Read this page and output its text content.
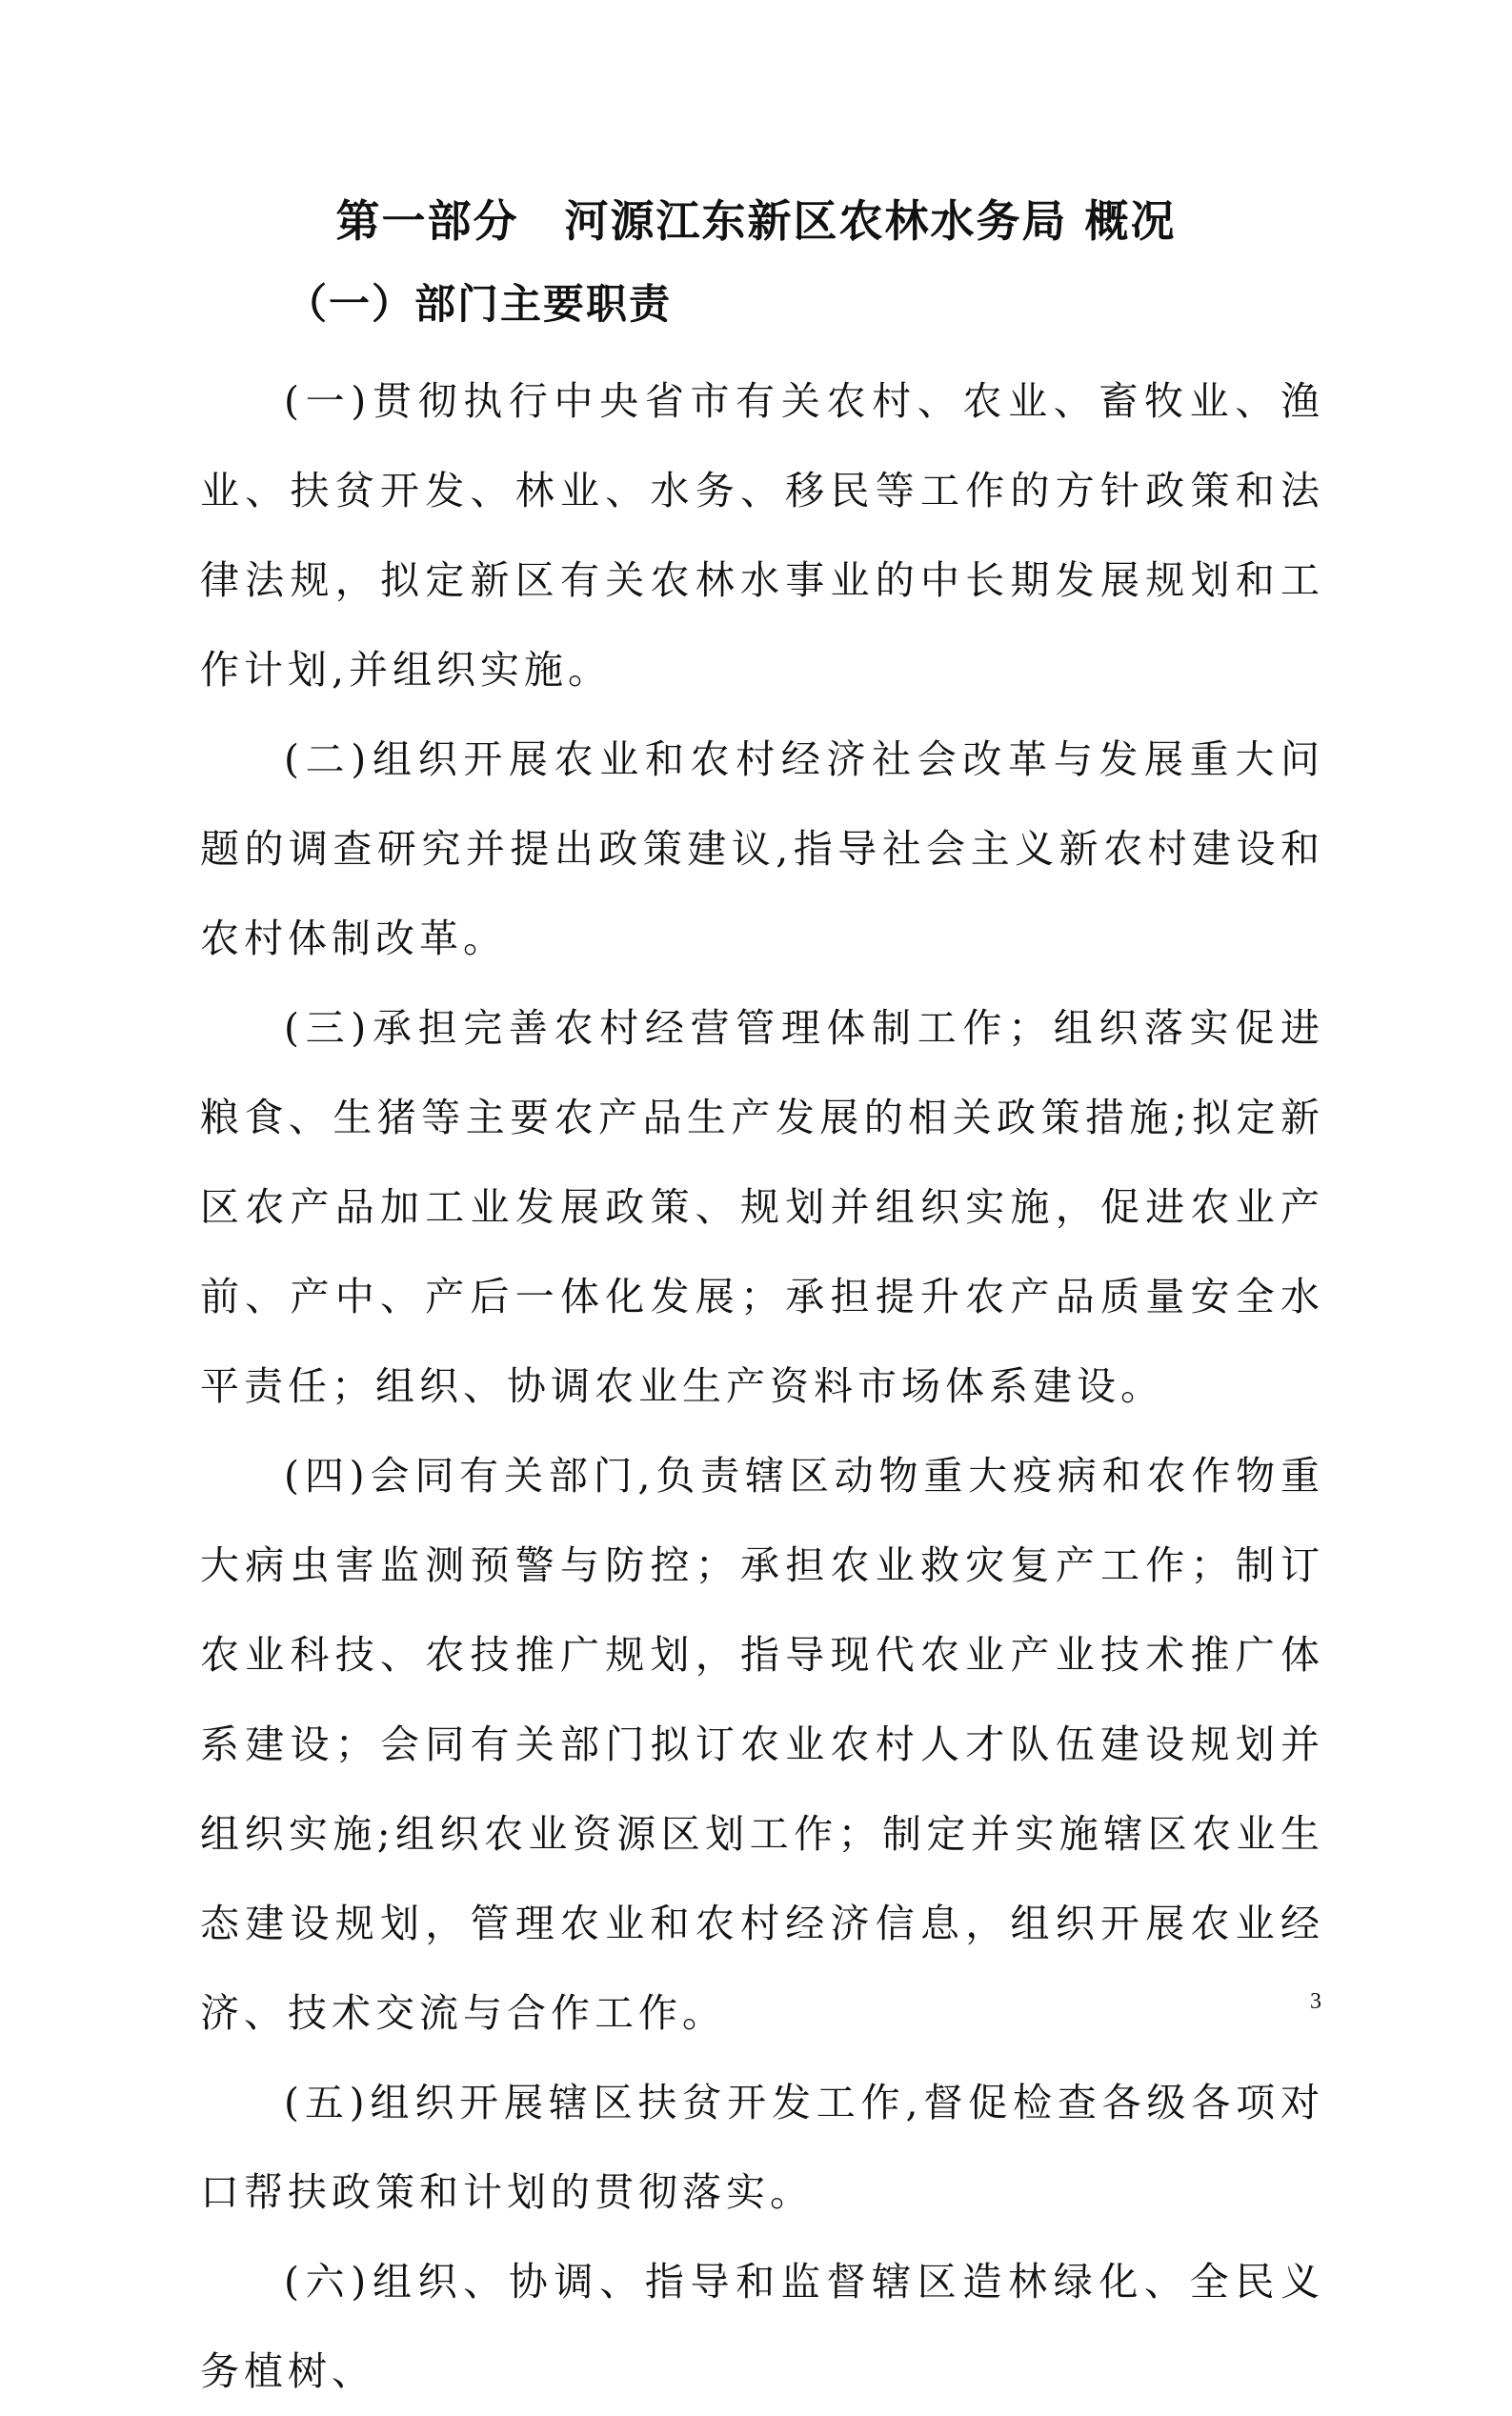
第一部分　河源江东新区农林水务局 概况
（一）部门主要职责

(一)贯彻执行中央省市有关农村、农业、畜牧业、渔业、扶贫开发、林业、水务、移民等工作的方针政策和法律法规，拟定新区有关农林水事业的中长期发展规划和工作计划,并组织实施。

(二)组织开展农业和农村经济社会改革与发展重大问题的调查研究并提出政策建议,指导社会主义新农村建设和农村体制改革。

(三)承担完善农村经营管理体制工作；组织落实促进粮食、生猪等主要农产品生产发展的相关政策措施;拟定新区农产品加工业发展政策、规划并组织实施，促进农业产前、产中、产后一体化发展；承担提升农产品质量安全水平责任；组织、协调农业生产资料市场体系建设。

(四)会同有关部门,负责辖区动物重大疫病和农作物重大病虫害监测预警与防控；承担农业救灾复产工作；制订农业科技、农技推广规划，指导现代农业产业技术推广体系建设；会同有关部门拟订农业农村人才队伍建设规划并组织实施;组织农业资源区划工作；制定并实施辖区农业生态建设规划，管理农业和农村经济信息，组织开展农业经济、技术交流与合作工作。

(五)组织开展辖区扶贫开发工作,督促检查各级各项对口帮扶政策和计划的贯彻落实。

(六)组织、协调、指导和监督辖区造林绿化、全民义务植树、

3
